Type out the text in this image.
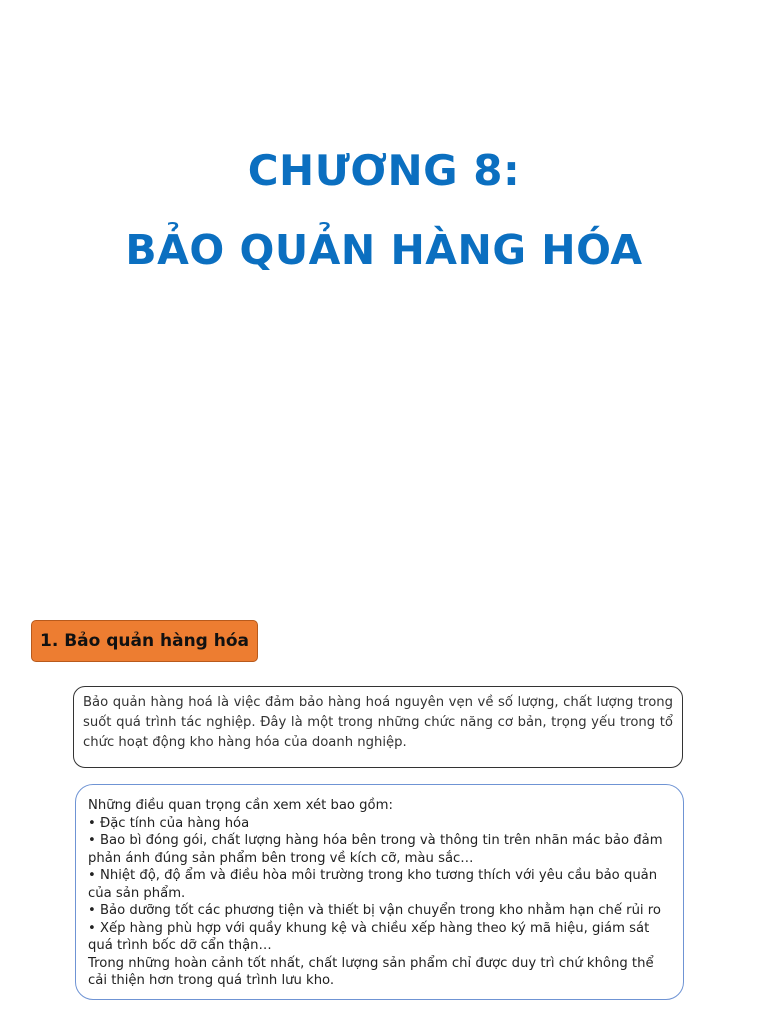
CHƯƠNG 8:
BẢO QUẢN HÀNG HÓA
1. Bảo quản hàng hóa
Bảo quản hàng hoá là việc đảm bảo hàng hoá nguyên vẹn về số lượng, chất lượng trong suốt quá trình tác nghiệp. Đây là một trong những chức năng cơ bản, trọng yếu trong tổ chức hoạt động kho hàng hóa của doanh nghiệp.
Những điều quan trọng cần xem xét bao gồm:
• Đặc tính của hàng hóa
• Bao bì đóng gói, chất lượng hàng hóa bên trong và thông tin trên nhãn mác bảo đảm phản ánh đúng sản phẩm bên trong về kích cỡ, màu sắc…
• Nhiệt độ, độ ẩm và điều hòa môi trường trong kho tương thích với yêu cầu bảo quản của sản phẩm.
• Bảo dưỡng tốt các phương tiện và thiết bị vận chuyển trong kho nhằm hạn chế rủi ro
• Xếp hàng phù hợp với quầy khung kệ và chiều xếp hàng theo ký mã hiệu, giám sát quá trình bốc dỡ cẩn thận…
Trong những hoàn cảnh tốt nhất, chất lượng sản phẩm chỉ được duy trì chứ không thể cải thiện hơn trong quá trình lưu kho.
